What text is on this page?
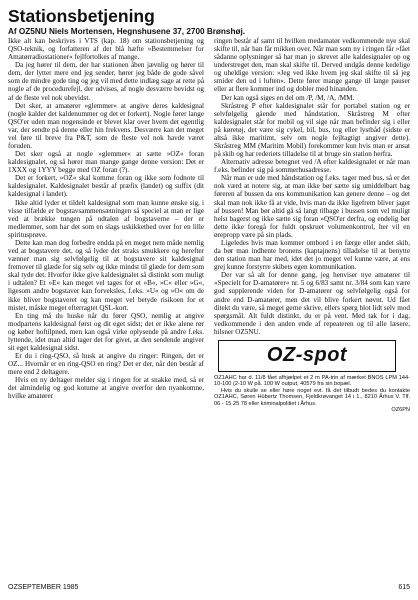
Stationsbetjening
Af OZ5NU Niels Mortensen, Hegnshusene 37, 2700 Brønshøj.

Ikke alt kan beskrives i VTS (kap. 18) om stationsbetjening og QSO-teknik, og forfatteren af det blå hæfte »Bestemmelser for Amatørradiostationer« fejlfortolkes af mange.

Da jeg hører til dem, der har stationen åben jævnlig og hører til dem, der lytter mere end jeg sender, hører jeg både de gode såvel som de mindre gode ting og jeg vil med dette indlæg sage at rette på nogle af de procedurefejl, der udvises, af nogle desværre bevidst og af de fleste vel nok ubevidst.

Det sker, at amatører »glemmer« at angive deres kaldesignal (nogle kalder det kaldenummer og det er forkert). Nogle fører lange QSO'er uden man nogensinde er blevet klar over hvem det egentlig var, der sendte på denne eller hin frekvens. Desværre kan det meget vel føre til breve fra P&T, som de fleste vel nok havde været foruden.

Det sker også at nogle »glemmer« at sætte »OZ« foran kaldesignalet, og så hører man mange gange denne version: Det er 1XXX og 1YYY begge med OZ foran (?).

Det er forkert, »OZ« skal komme foran og ikke som fodnote til kaldesignalet. Kaldesignalet består af præfix (landet) og suffix (dit kaldesignal i landet).

Ikke altid lyder et tildelt kaldesignal som man kunne ønske sig, i visse tilfælde er bogstavsammensætningen så speciel at man er lige ved at brække tungen på udtalen af bogstaverne – der er medlemmer, som har det som en slags uskikkethed over for en lille spiritusprøve.

Dette kan man dog forbedre endda på en meget nem måde nemlig ved at bogstavere det, og så lyder det straks smukkere og herefter vænner man sig selvfølgelig til at bogstavere sit kaldesignal fremover til glæde for sig selv og ikke mindst til glæde for dem som skal tyde det. Hvorfor ikke give kaldesignalet så distinkt som muligt i udtalen? Et »E« kan meget vel tages for et »B«, »C« eller »G«, ligesom andre bogstaver kan forveksles, f.eks. »U« og »O« om de ikke bliver bogstaveret og kan meget vel betyde risikoen for et mistet, måske meget efterragtet QSL-kort.

En ting må du huske når du fører QSO, nemlig at angive modpartens kaldesignal først og dit eget sidst; det er ikke alene rør og køber hoftilpned, men kan også virke oplysende på andre f.eks. lyttende, idet man altid tager det for givet, at den sendende angiver sit eget kaldesignal sidst.

Er du i ring-QSO, så husk at angive du ringer: Ringen, det er OZ... Hvornår er en ring-QSO en ring? Det er der, når den består af mere end 2 deltagere.

Hvis en ny deltager melder sig i ringen for at snakke med, så er det almindelig og god kotume at angive overfor den nyankomne, hvilke amatører

ringen består af samt til hvilken medamatør vedkommende nye skal skifte til, når han får mikken over. Når man som ny i ringen får »fået sådanne oplysninger så har man jo skrevet alle kaldesignaler op og understreget den, man skal skifte til. Derved undgås denne kedelige og uheldige version: »Jeg ved ikke hvem jeg skal skifte til så jeg smider den ud i luften«. Dette fører mange gange til lange pauser eller at flere kommer ind og dobler med hinanden.

Der kan også siges en del om /P, /M, /A, /MM.

Skråstreg P efter kaldesignalet står for portabel station og er selvfølgelig gående med håndstation. Skråstreg M efter kaldesignalet står for mobil og vil sige når man befinder sig i eller på køretøj, det være sig cykel, bil, bus, tog eller lystbåd (sidste er altså ikke maritimt, selv om nogle fejltagtigt angiver dette). Skråstreg MM (Maritim Mobil) forekommer kun hvis man er ansat på skib og har rederiets tilladelse til at bruge sin station herfra.

Alternativ adresse betegnet ved /A efter kaldesignalet er når man f.eks. befinder sig på sommerhusadresse.

Når man er ude med håndstation og f.eks. tager med bus, så er det nok værd at notere sig, at man ikke bør sætte sig umiddelbart bag føreren af bussen da ens kommunikation kan genere denne – og det skal man nok ikke få at vide, hvis man da ikke ligefrem bliver jaget af bussen! Man bør altid gå så langt tilbage i bussen som vel muligt helst bagerst og ikke sætte sig foran »QSO'er derfra, og endelig bør dette ikke foregå for fuldt opskruet volumenkontrol, her vil en ørepropp være på sin plads.

Ligeledes hvis man kommer ombord i en færge eller andet skib, da bør man indhente bronens (kaptajnens) tilladelse til at benytte den station man har med, idet det jo meget vel kunne være, at ens grej kunne forstyrre skibets egen kommunikation.

Der var så alt for denne gang, jeg henviser nye amatører til »Specielt for D-amatører« nr. 5 og 6/83 samt nr. 3/84 som kan være god supplerende viden for D-amatører og selvfølgelig også for andre end D-amatører, men det vil blive forkert nøvnt. Ud fået ditekt du være, så meget gerne skrive, ellers spørg blot lidt selv mod spørgsmål. Alt fuldt distinkt, du er på vent. Med tak for i dag, vedkommende i den anden ende af repeateren og til alle læsere, hilsner OZ5NU.

OZ-spot

OZ1AHC har d. 11/8 fået afhjælpet et 2 m PA-trin af mærket BNOS LPM 144-10-100 (2-10 W på. 100 W output, 40579 fra sin bopæl.

Hvis du skulle se eller høre noget evt. få det tilbudt bedes du kontakte OZ1AHC, Søren Hübertz Thomsen, Fjeldkrøvanget 14 i 1., 8210 Århus V. Tlf. 06 - 15 25 78 eller kriminalpolitiet i Århus.

OZ6PN

OZSEPTEMBER 1985	615
